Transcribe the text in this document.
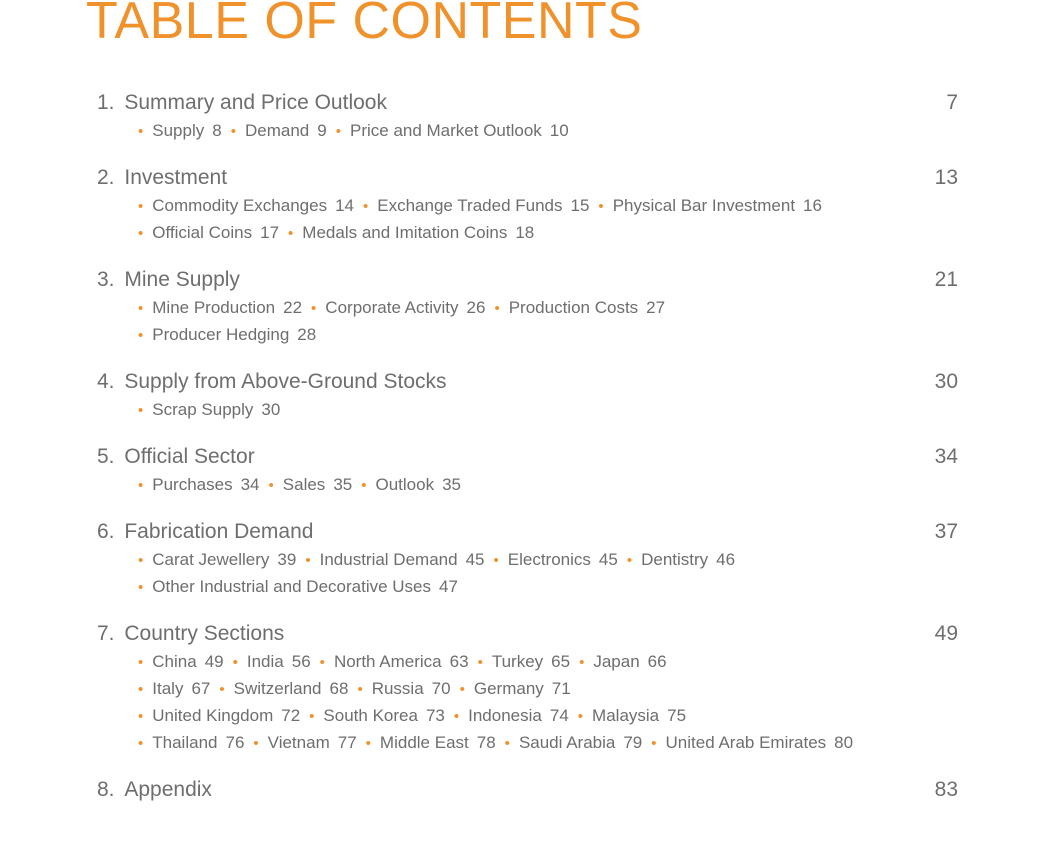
TABLE OF CONTENTS
1. Summary and Price Outlook	7
• Supply 8 • Demand 9 • Price and Market Outlook 10
2. Investment	13
• Commodity Exchanges 14 • Exchange Traded Funds 15 • Physical Bar Investment 16
• Official Coins 17 • Medals and Imitation Coins 18
3. Mine Supply	21
• Mine Production 22 • Corporate Activity 26 • Production Costs 27
• Producer Hedging 28
4. Supply from Above-Ground Stocks	30
• Scrap Supply 30
5. Official Sector	34
• Purchases 34 • Sales 35 • Outlook 35
6. Fabrication Demand	37
• Carat Jewellery 39 • Industrial Demand 45 • Electronics 45 • Dentistry 46
• Other Industrial and Decorative Uses 47
7. Country Sections	49
• China 49 • India 56 • North America 63 • Turkey 65 • Japan 66
• Italy 67 • Switzerland 68 • Russia 70 • Germany 71
• United Kingdom 72 • South Korea 73 • Indonesia 74 • Malaysia 75
• Thailand 76 • Vietnam 77 • Middle East 78 • Saudi Arabia 79 • United Arab Emirates 80
8. Appendix	83
